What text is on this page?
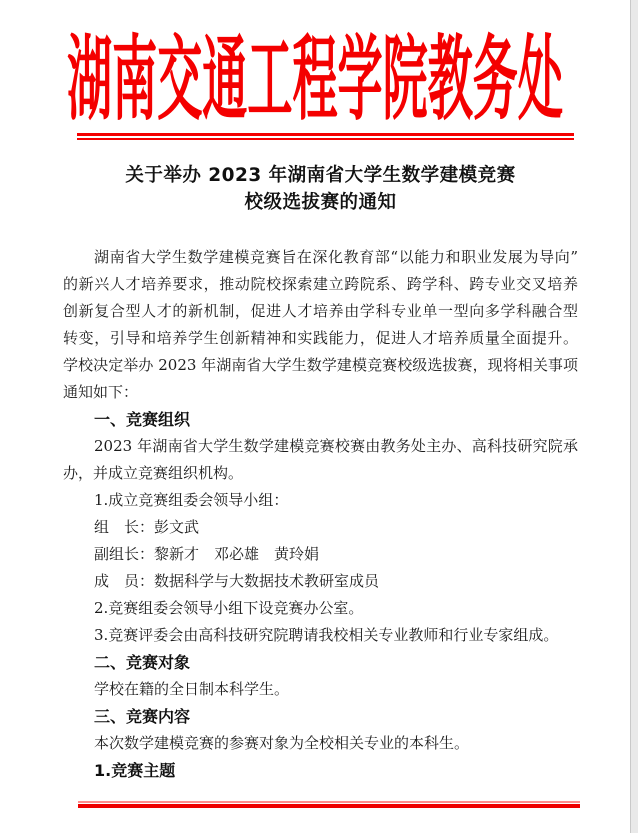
湖南交通工程学院教务处
关于举办 2023 年湖南省大学生数学建模竞赛
校级选拔赛的通知
湖南省大学生数学建模竞赛旨在深化教育部“以能力和职业发展为导向”
的新兴人才培养要求，推动院校探索建立跨院系、跨学科、跨专业交叉培养
创新复合型人才的新机制，促进人才培养由学科专业单一型向多学科融合型
转变，引导和培养学生创新精神和实践能力，促进人才培养质量全面提升。
学校决定举办 2023 年湖南省大学生数学建模竞赛校级选拔赛，现将相关事项
通知如下：
一、竞赛组织
2023 年湖南省大学生数学建模竞赛校赛由教务处主办、高科技研究院承
办，并成立竞赛组织机构。
1.成立竞赛组委会领导小组：
组　长：彭文武
副组长：黎新才　邓必雄　黄玲娟
成　员：数据科学与大数据技术教研室成员
2.竞赛组委会领导小组下设竞赛办公室。
3.竞赛评委会由高科技研究院聘请我校相关专业教师和行业专家组成。
二、竞赛对象
学校在籍的全日制本科学生。
三、竞赛内容
本次数学建模竞赛的参赛对象为全校相关专业的本科生。
1.竞赛主题
